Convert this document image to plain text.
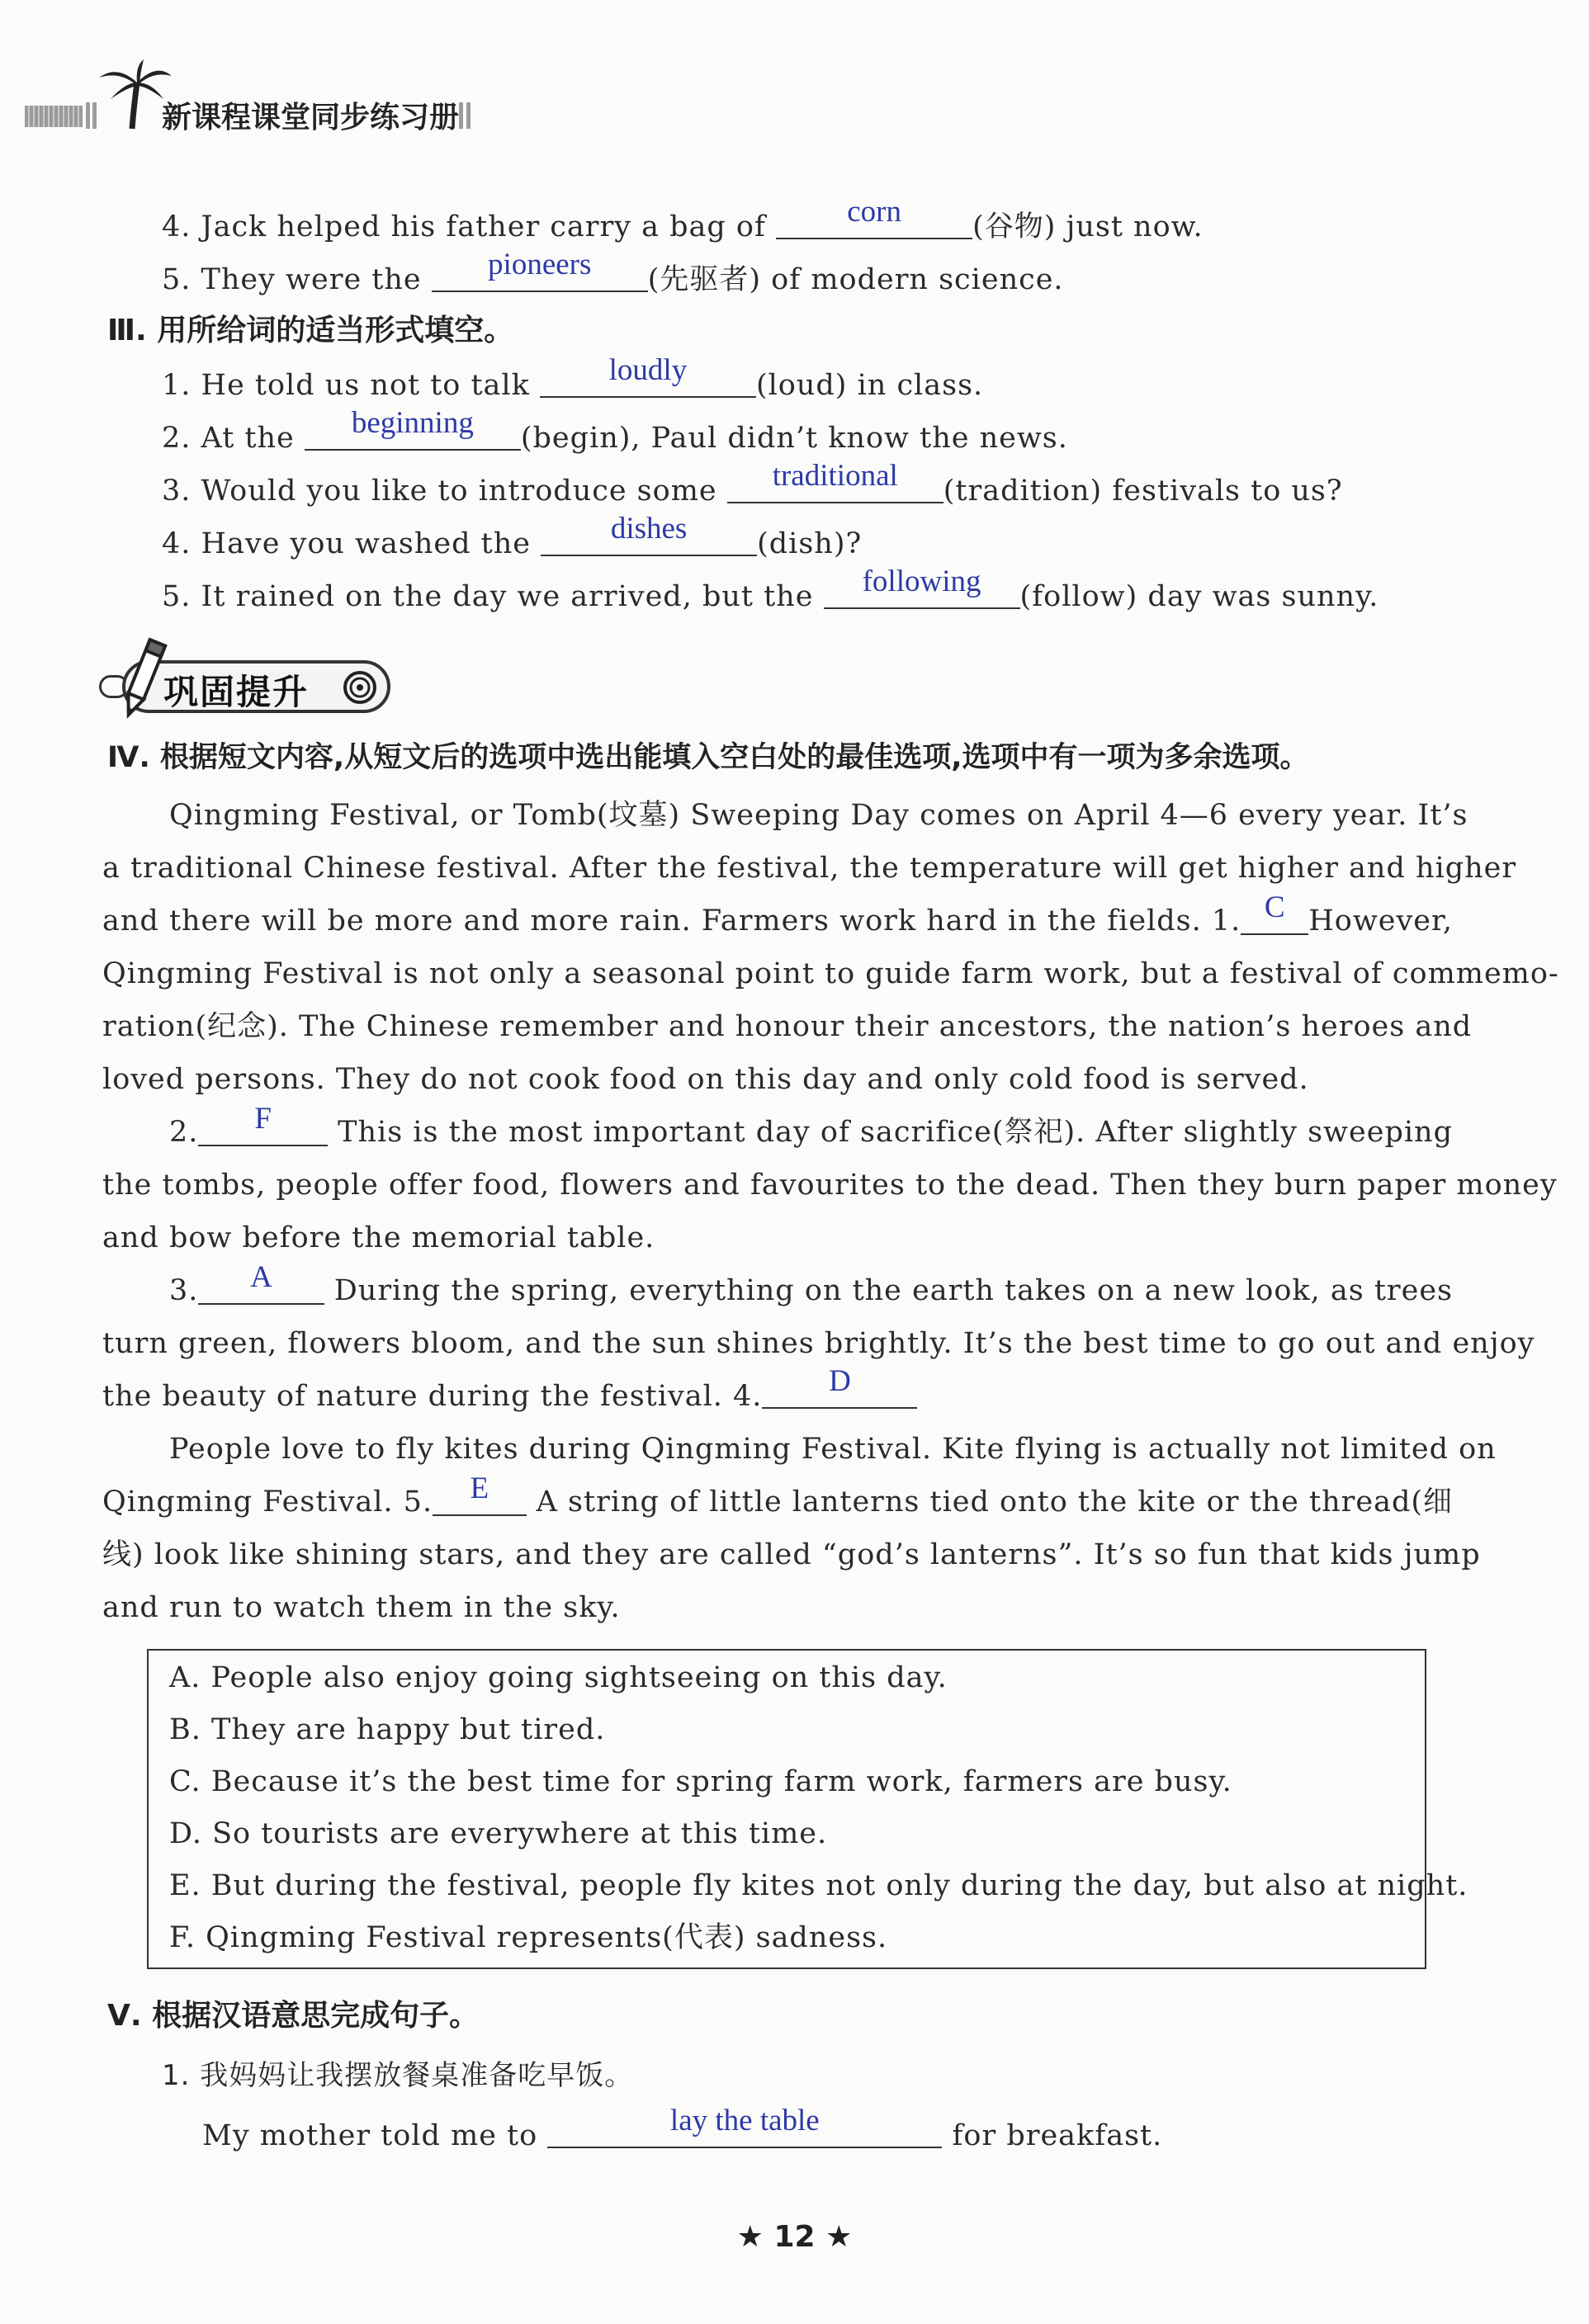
新课程课堂同步练习册
4. Jack helped his father carry a bag of	corn	(谷物) just now.
5. They were the	pioneers	(先驱者) of modern science.
Ⅲ. 用所给词的适当形式填空。
1. He told us not to talk	loudly	(loud) in class.
2. At the	beginning	(begin), Paul didn’t know the news.
3. Would you like to introduce some	traditional	(tradition) festivals to us?
4. Have you washed the	dishes	(dish)?
5. It rained on the day we arrived, but the	following	(follow) day was sunny.
巩固提升
Ⅳ. 根据短文内容,从短文后的选项中选出能填入空白处的最佳选项,选项中有一项为多余选项。
Qingming Festival, or Tomb(坟墓) Sweeping Day comes on April 4—6 every year. It’s
a traditional Chinese festival. After the festival, the temperature will get higher and higher
and there will be more and more rain. Farmers work hard in the fields. 1. C However,
Qingming Festival is not only a seasonal point to guide farm work, but a festival of commemo-
ration(纪念). The Chinese remember and honour their ancestors, the nation’s heroes and
loved persons. They do not cook food on this day and only cold food is served.
2.	F	This is the most important day of sacrifice(祭祀). After slightly sweeping
the tombs, people offer food, flowers and favourites to the dead. Then they burn paper money
and bow before the memorial table.
3.	A	During the spring, everything on the earth takes on a new look, as trees
turn green, flowers bloom, and the sun shines brightly. It’s the best time to go out and enjoy
the beauty of nature during the festival. 4.	D
People love to fly kites during Qingming Festival. Kite flying is actually not limited on
Qingming Festival. 5.	E	A string of little lanterns tied onto the kite or the thread(细
线) look like shining stars, and they are called “god’s lanterns”. It’s so fun that kids jump
and run to watch them in the sky.
A. People also enjoy going sightseeing on this day.
B. They are happy but tired.
C. Because it’s the best time for spring farm work, farmers are busy.
D. So tourists are everywhere at this time.
E. But during the festival, people fly kites not only during the day, but also at night.
F. Qingming Festival represents(代表) sadness.
Ⅴ. 根据汉语意思完成句子。
1. 我妈妈让我摆放餐桌准备吃早饭。
My mother told me to	lay the table	for breakfast.
★ 12 ★
